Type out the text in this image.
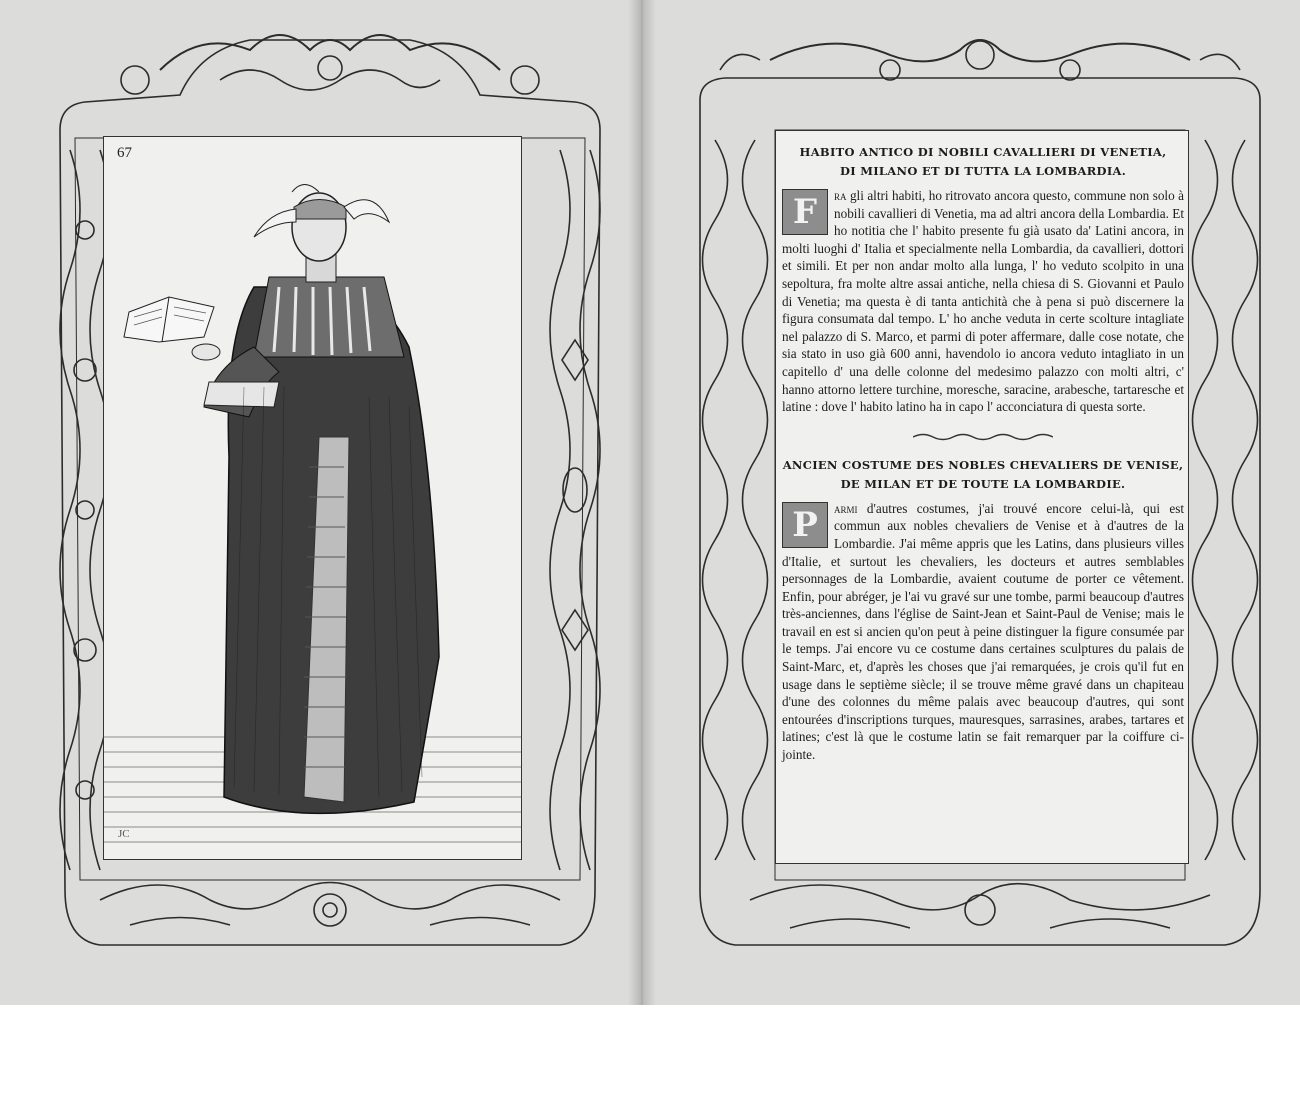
JC
67	HABITO ANTICO DI NOBILI CAVALLIERI DI VENETIA,
DI MILANO ET DI TUTTA LA LOMBARDIA.
F	ra gli altri habiti, ho ritrovato ancora questo, commune non solo à nobili cavallieri di Venetia, ma ad altri ancora della Lombardia. Et ho notitia che l' habito presente fu già usato da' Latini ancora, in molti luoghi d' Italia et specialmente nella Lombardia, da cavallieri, dottori et simili. Et per non andar molto alla lunga, l' ho veduto scolpito in una sepoltura, fra molte altre assai antiche, nella chiesa di S. Giovanni et Paulo di Venetia; ma questa è di tanta antichità che à pena si può discernere la figura consumata dal tempo. L' ho anche veduta in certe scolture intagliate nel palazzo di S. Marco, et parmi di poter affermare, dalle cose notate, che sia stato in uso già 600 anni, havendolo io ancora veduto intagliato in un capitello d' una delle colonne del medesimo palazzo con molti altri, c' hanno attorno lettere turchine, moresche, saracine, arabesche, tartaresche et latine : dove l' habito latino ha in capo l' acconciatura di questa sorte.
ANCIEN COSTUME DES NOBLES CHEVALIERS DE VENISE,
DE MILAN ET DE TOUTE LA LOMBARDIE.
P	armi d'autres costumes, j'ai trouvé encore celui-là, qui est commun aux nobles chevaliers de Venise et à d'autres de la Lombardie. J'ai même appris que les Latins, dans plusieurs villes d'Italie, et surtout les chevaliers, les docteurs et autres semblables personnages de la Lombardie, avaient coutume de porter ce vêtement. Enfin, pour abréger, je l'ai vu gravé sur une tombe, parmi beaucoup d'autres très-anciennes, dans l'église de Saint-Jean et Saint-Paul de Venise; mais le travail en est si ancien qu'on peut à peine distinguer la figure consumée par le temps. J'ai encore vu ce costume dans certaines sculptures du palais de Saint-Marc, et, d'après les choses que j'ai remarquées, je crois qu'il fut en usage dans le septième siècle; il se trouve même gravé dans un chapiteau d'une des colonnes du même palais avec beaucoup d'autres, qui sont entourées d'inscriptions turques, mauresques, sarrasines, arabes, tartares et latines; c'est là que le costume latin se fait remarquer par la coiffure ci-jointe.
